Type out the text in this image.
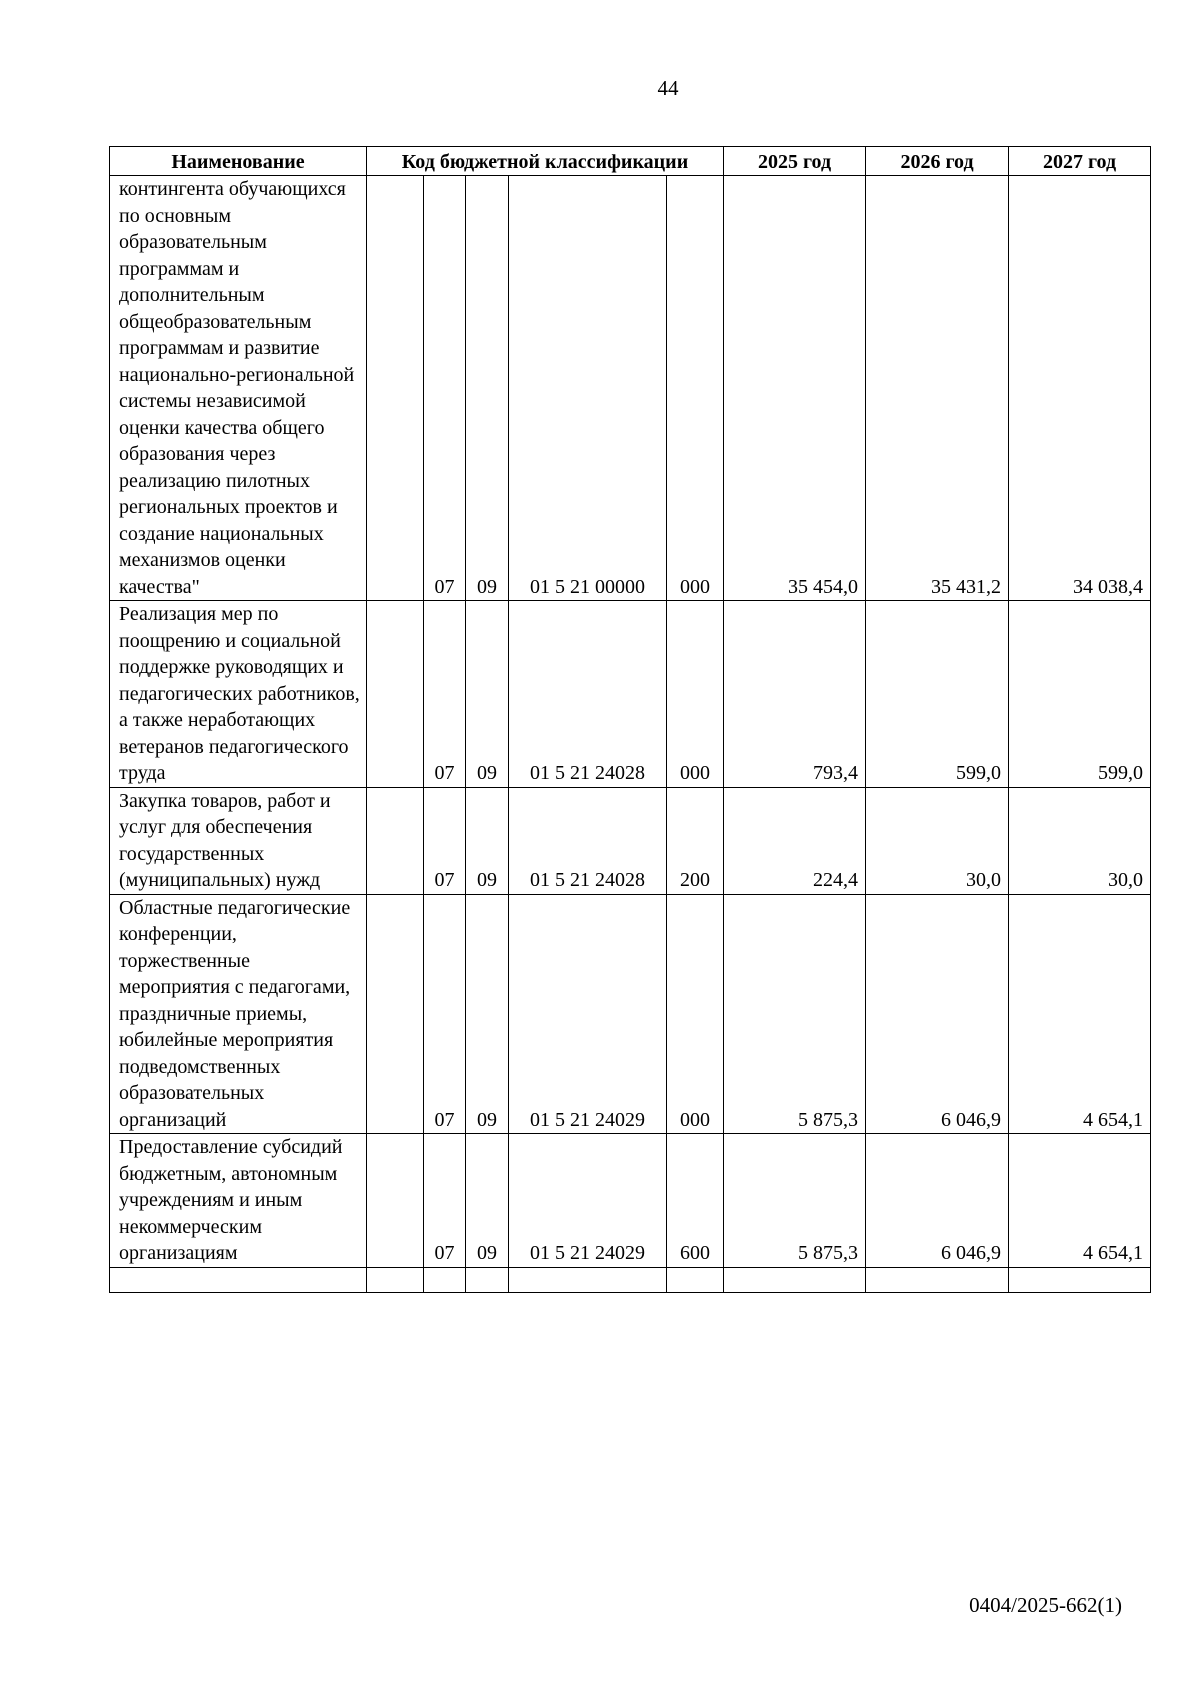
44
Наименование	Код бюджетной классификации					2025 год	2026 год	2027 год
контингента обучающихся по основным образовательным программам и дополнительным общеобразовательным программам и развитие национально-региональной системы независимой оценки качества общего образования через реализацию пилотных региональных проектов и создание национальных механизмов оценки качества"		07	09	01 5 21 00000	000	35 454,0	35 431,2	34 038,4
Реализация мер по поощрению и социальной поддержке руководящих и педагогических работников, а также неработающих ветеранов педагогического труда		07	09	01 5 21 24028	000	793,4	599,0	599,0
Закупка товаров, работ и услуг для обеспечения государственных (муниципальных) нужд		07	09	01 5 21 24028	200	224,4	30,0	30,0
Областные педагогические конференции, торжественные мероприятия с педагогами, праздничные приемы, юбилейные мероприятия подведомственных образовательных организаций		07	09	01 5 21 24029	000	5 875,3	6 046,9	4 654,1
Предоставление субсидий бюджетным, автономным учреждениям и иным некоммерческим организациям		07	09	01 5 21 24029	600	5 875,3	6 046,9	4 654,1

0404/2025-662(1)
